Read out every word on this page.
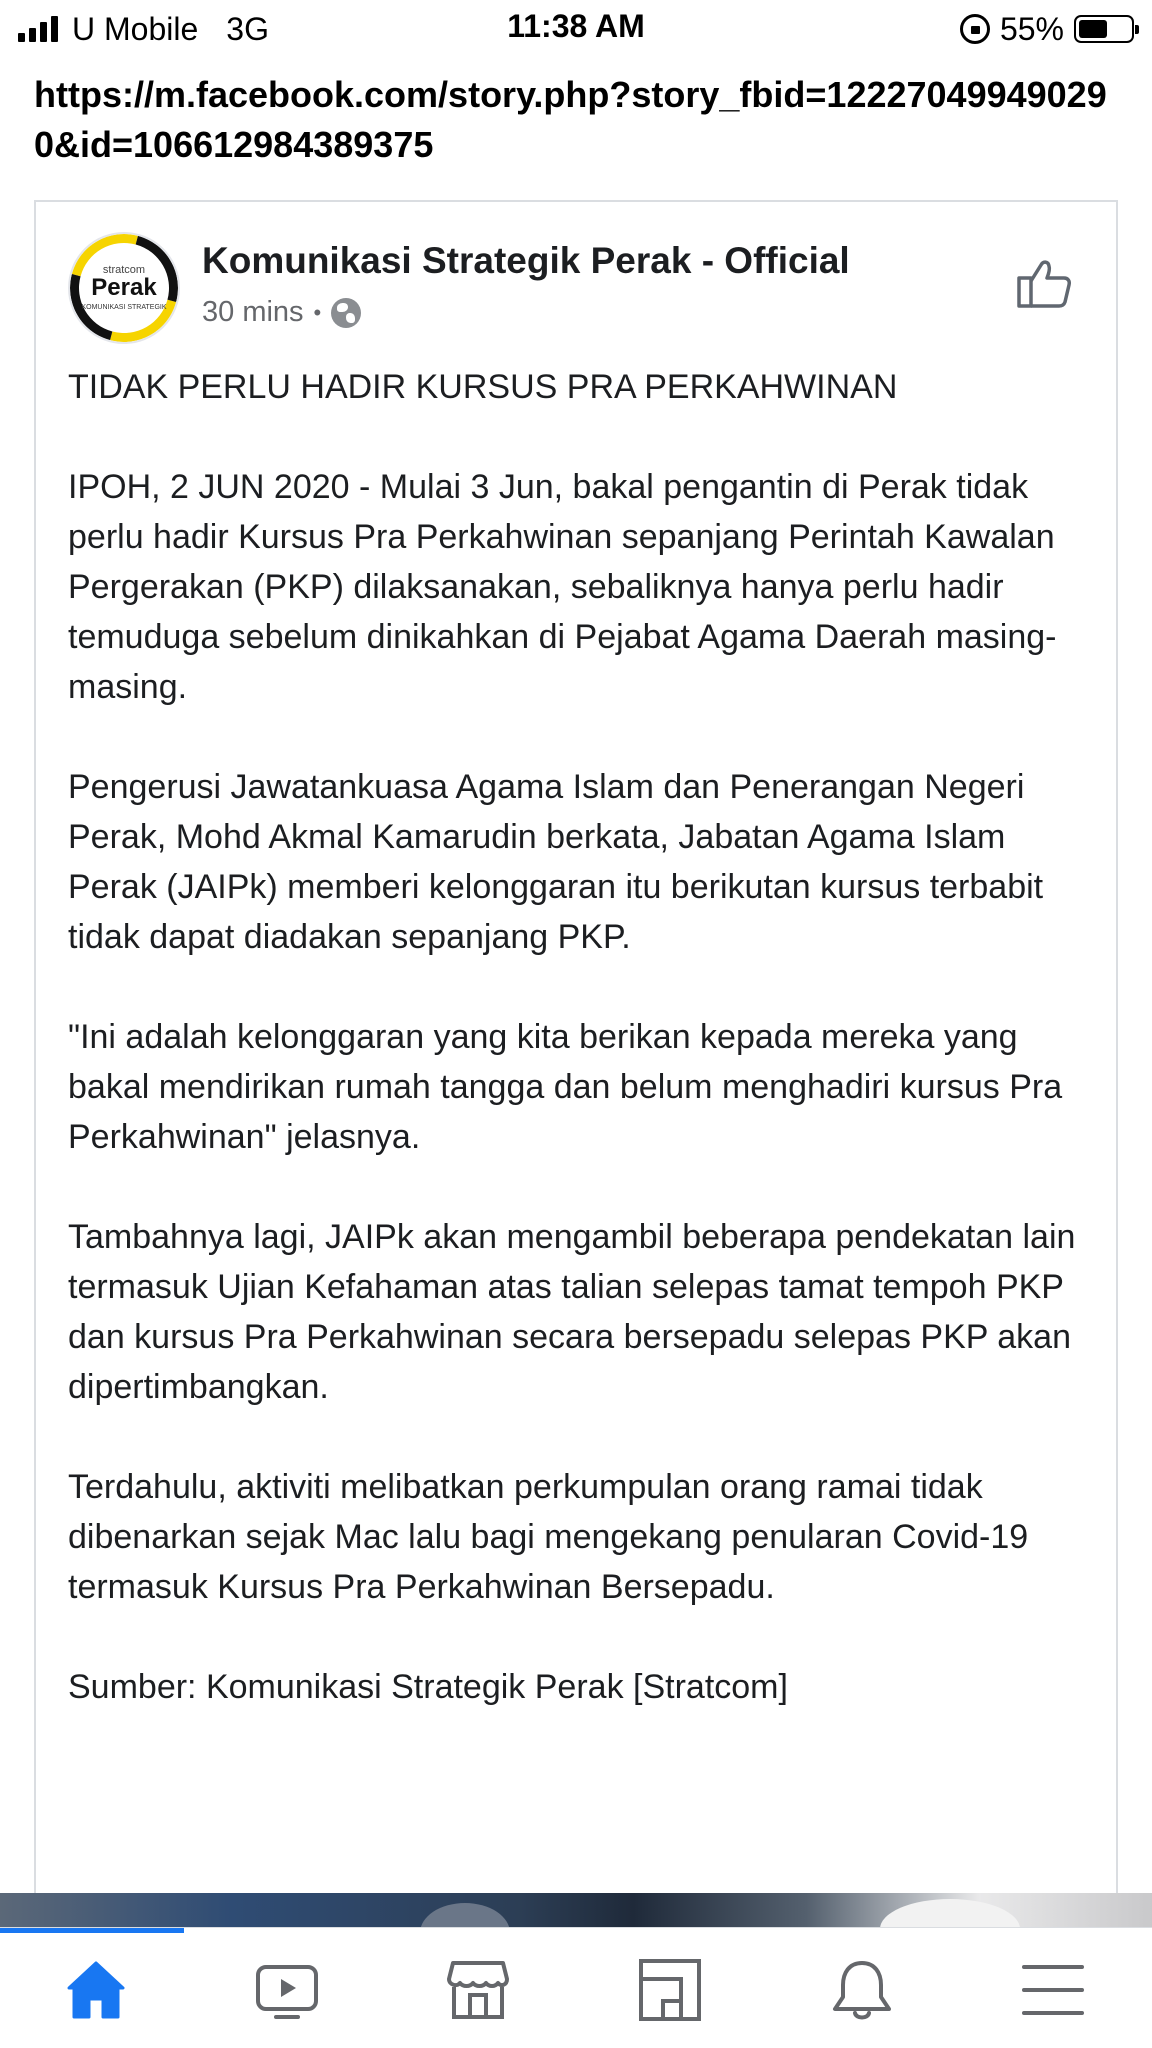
U Mobile 3G	11:38 AM	55%
https://m.facebook.com/story.php?story_fbid=122270499490290&id=106612984389375
stratcom
Perak
KOMUNIKASI STRATEGIK
Komunikasi Strategik Perak - Official
30 mins •

TIDAK PERLU HADIR KURSUS PRA PERKAHWINAN

IPOH, 2 JUN 2020 - Mulai 3 Jun, bakal pengantin di Perak tidak perlu hadir Kursus Pra Perkahwinan sepanjang Perintah Kawalan Pergerakan (PKP) dilaksanakan, sebaliknya hanya perlu hadir temuduga sebelum dinikahkan di Pejabat Agama Daerah masing-masing.

Pengerusi Jawatankuasa Agama Islam dan Penerangan Negeri Perak, Mohd Akmal Kamarudin berkata, Jabatan Agama Islam Perak (JAIPk) memberi kelonggaran itu berikutan kursus terbabit tidak dapat diadakan sepanjang PKP.

"Ini adalah kelonggaran yang kita berikan kepada mereka yang bakal mendirikan rumah tangga dan belum menghadiri kursus Pra Perkahwinan" jelasnya.

Tambahnya lagi, JAIPk akan mengambil beberapa pendekatan lain termasuk Ujian Kefahaman atas talian selepas tamat tempoh PKP dan kursus Pra Perkahwinan secara bersepadu selepas PKP akan dipertimbangkan.

Terdahulu, aktiviti melibatkan perkumpulan orang ramai tidak dibenarkan sejak Mac lalu bagi mengekang penularan Covid-19 termasuk Kursus Pra Perkahwinan Bersepadu.

Sumber: Komunikasi Strategik Perak [Stratcom]
